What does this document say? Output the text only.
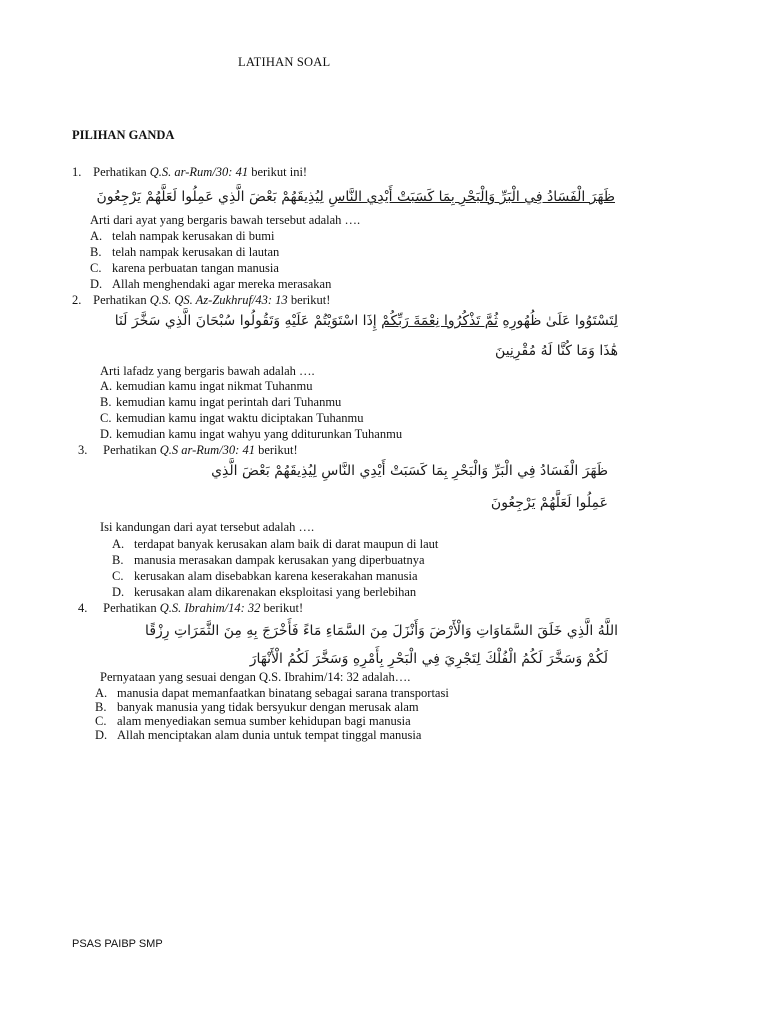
LATIHAN SOAL
PILIHAN GANDA
1. Perhatikan Q.S. ar-Rum/30: 41 berikut ini!
ظَهَرَ الْفَسَادُ فِي الْبَرِّ وَالْبَحْرِ بِمَا كَسَبَتْ أَيْدِي النَّاسِ لِيُذِيقَهُمْ بَعْضَ الَّذِي عَمِلُوا لَعَلَّهُمْ يَرْجِعُونَ
Arti dari ayat yang bergaris bawah tersebut adalah ….
A. telah nampak kerusakan di bumi
B. telah nampak kerusakan di lautan
C. karena perbuatan tangan manusia
D. Allah menghendaki agar mereka merasakan
2. Perhatikan Q.S. QS. Az-Zukhruf/43: 13 berikut!
لِتَسْتَوُوا عَلَىٰ ظُهُورِهِ ثُمَّ تَذْكُرُوا نِعْمَةَ رَبِّكُمْ إِذَا اسْتَوَيْتُمْ عَلَيْهِ وَتَقُولُوا سُبْحَانَ الَّذِي سَخَّرَ لَنَا
هَٰذَا وَمَا كُنَّا لَهُ مُقْرِنِينَ
Arti lafadz yang bergaris bawah adalah ….
A. kemudian kamu ingat nikmat Tuhanmu
B. kemudian kamu ingat perintah dari Tuhanmu
C. kemudian kamu ingat waktu diciptakan Tuhanmu
D. kemudian kamu ingat wahyu yang dditurunkan Tuhanmu
3. Perhatikan Q.S ar-Rum/30: 41 berikut!
ظَهَرَ الْفَسَادُ فِي الْبَرِّ وَالْبَحْرِ بِمَا كَسَبَتْ أَيْدِي النَّاسِ لِيُذِيقَهُمْ بَعْضَ الَّذِي
عَمِلُوا لَعَلَّهُمْ يَرْجِعُونَ
Isi kandungan dari ayat tersebut adalah ….
A. terdapat banyak kerusakan alam baik di darat maupun di laut
B. manusia merasakan dampak kerusakan yang diperbuatnya
C. kerusakan alam disebabkan karena keserakahan manusia
D. kerusakan alam dikarenakan eksploitasi yang berlebihan
4. Perhatikan Q.S. Ibrahim/14: 32 berikut!
اللَّهُ الَّذِي خَلَقَ السَّمَاوَاتِ وَالْأَرْضَ وَأَنْزَلَ مِنَ السَّمَاءِ مَاءً فَأَخْرَجَ بِهِ مِنَ الثَّمَرَاتِ رِزْقًا
لَكُمْ وَسَخَّرَ لَكُمُ الْفُلْكَ لِتَجْرِيَ فِي الْبَحْرِ بِأَمْرِهِ وَسَخَّرَ لَكُمُ الْأَنْهَارَ
Pernyataan yang sesuai dengan Q.S. Ibrahim/14: 32 adalah….
A. manusia dapat memanfaatkan binatang sebagai sarana transportasi
B. banyak manusia yang tidak bersyukur dengan merusak alam
C. alam menyediakan semua sumber kehidupan bagi manusia
D. Allah menciptakan alam dunia untuk tempat tinggal manusia
PSAS PAIBP SMP
